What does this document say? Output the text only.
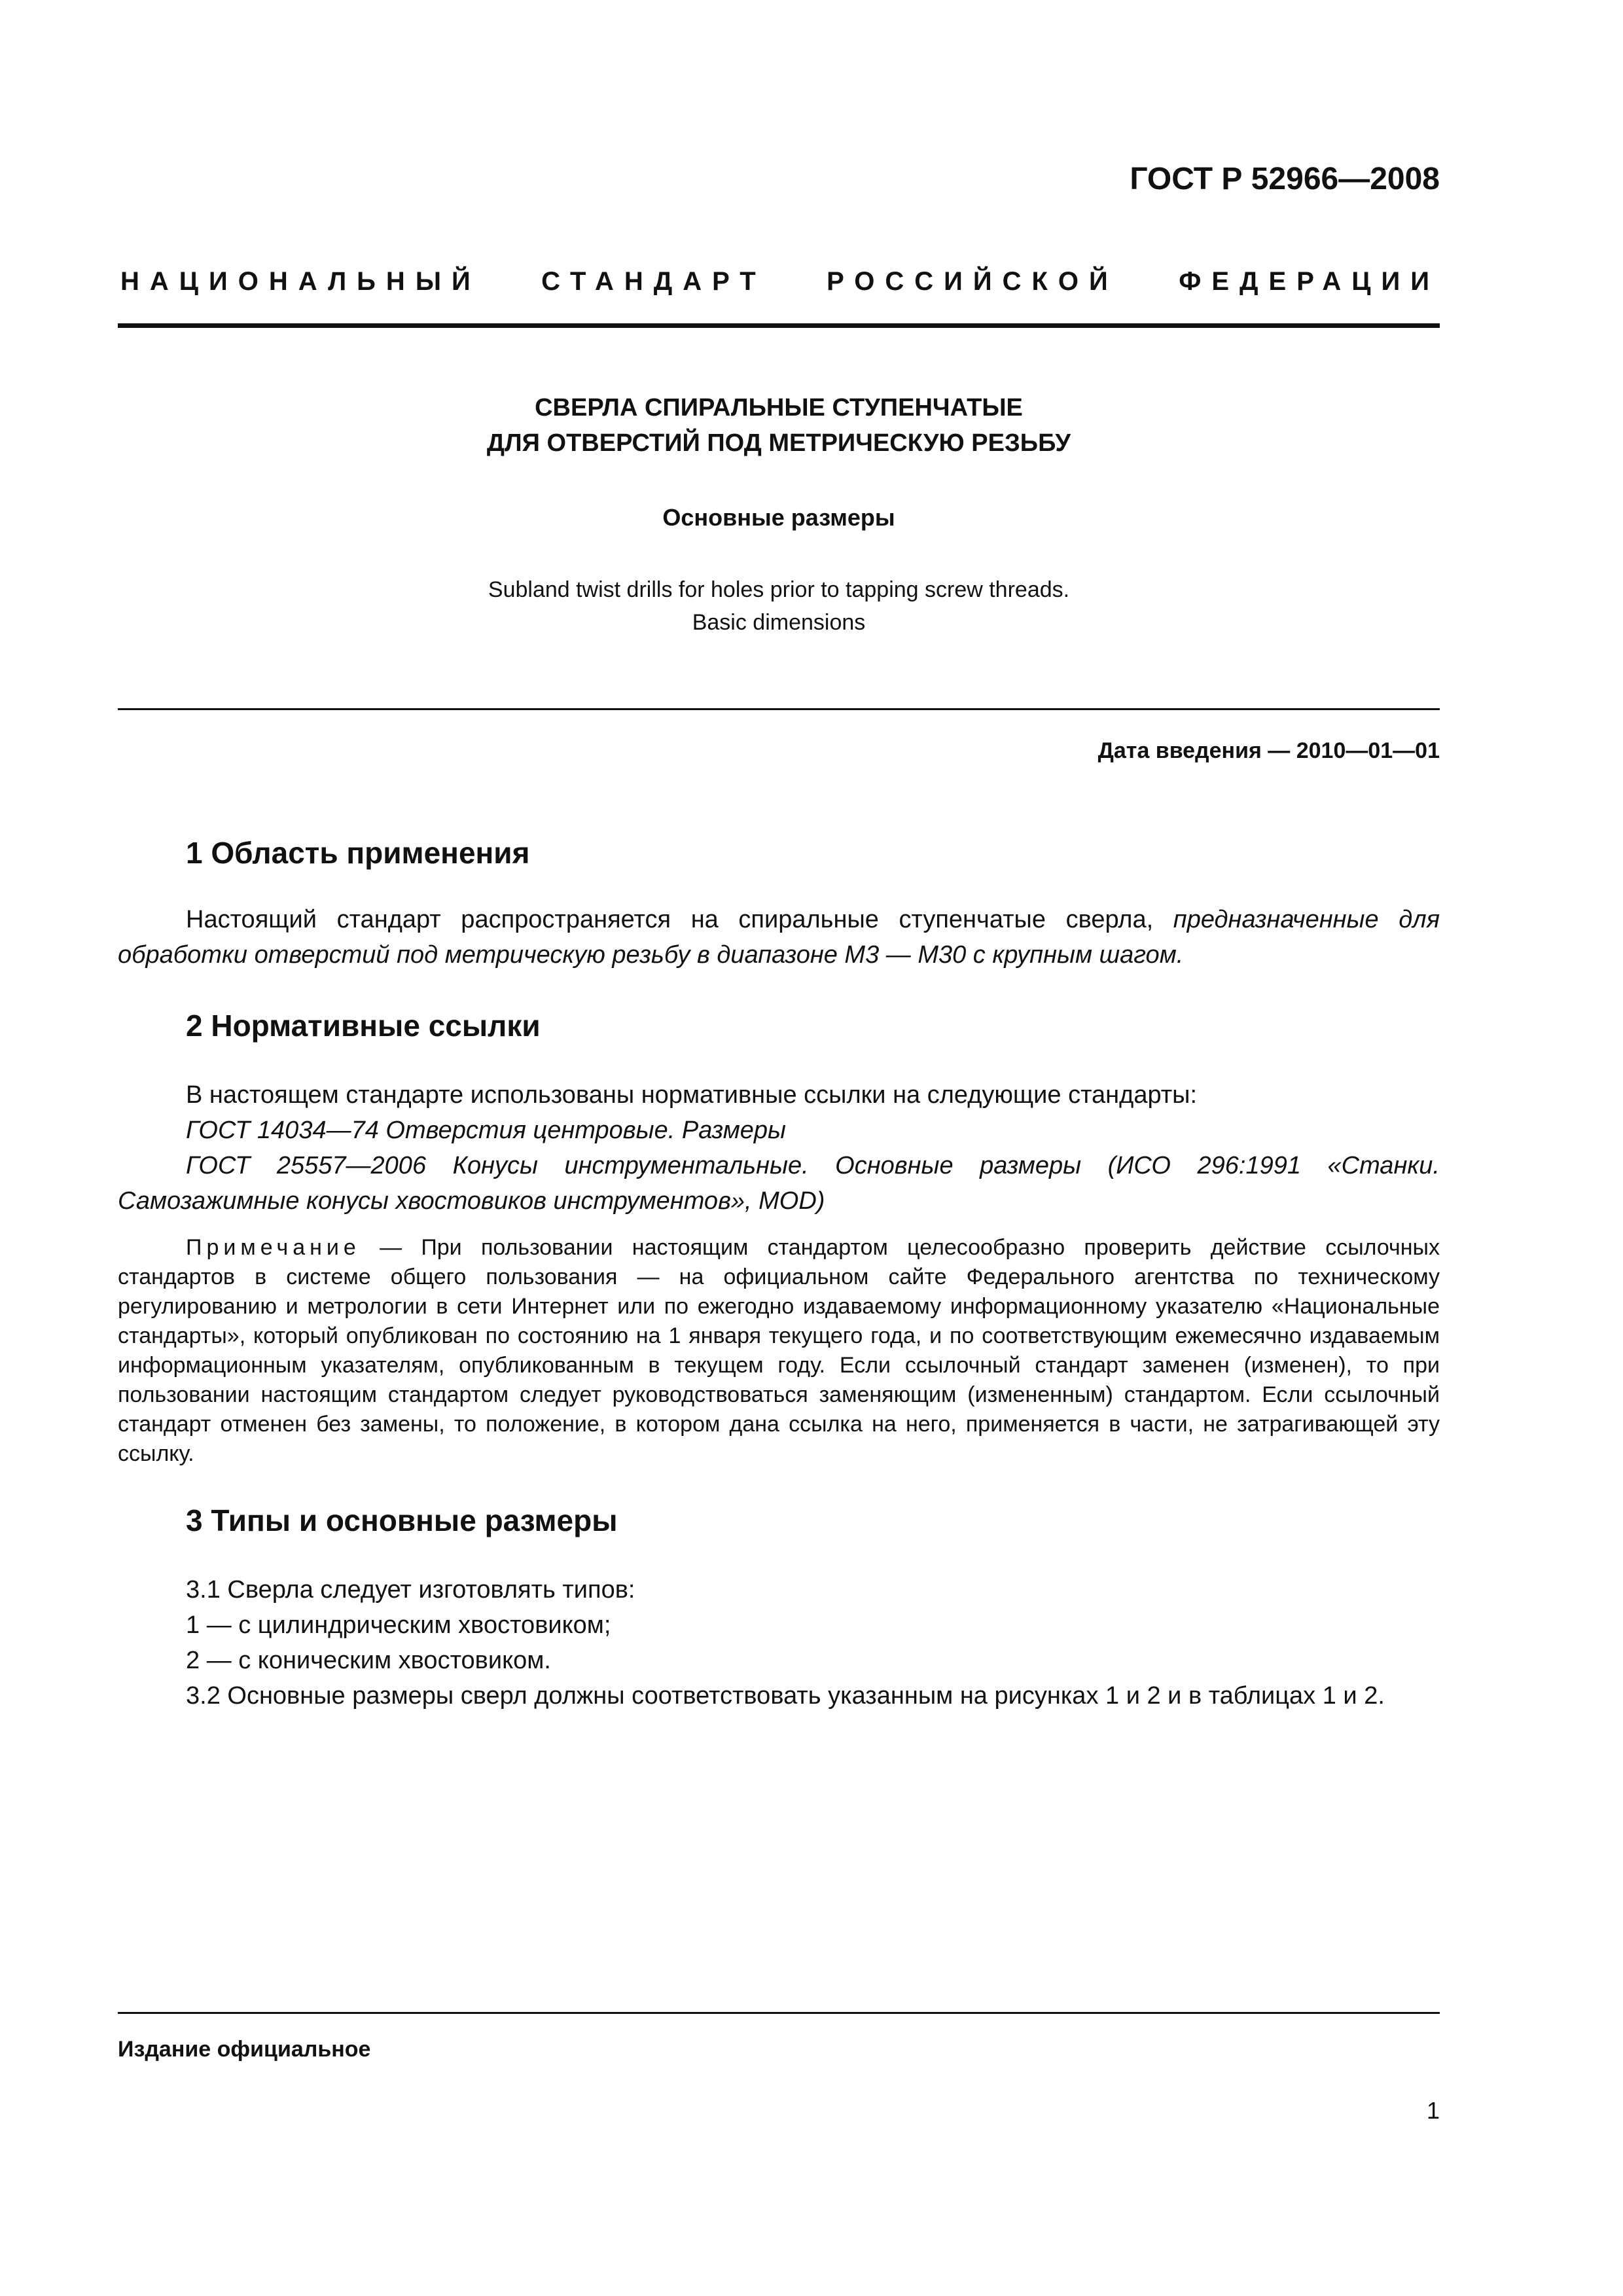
ГОСТ Р 52966—2008
НАЦИОНАЛЬНЫЙ СТАНДАРТ РОССИЙСКОЙ ФЕДЕРАЦИИ
СВЕРЛА СПИРАЛЬНЫЕ СТУПЕНЧАТЫЕ
ДЛЯ ОТВЕРСТИЙ ПОД МЕТРИЧЕСКУЮ РЕЗЬБУ
Основные размеры
Subland twist drills for holes prior to tapping screw threads.
Basic dimensions
Дата введения — 2010—01—01
1 Область применения

Настоящий стандарт распространяется на спиральные ступенчатые сверла, предназначенные для обработки отверстий под метрическую резьбу в диапазоне М3 — М30 с крупным шагом.

2 Нормативные ссылки

В настоящем стандарте использованы нормативные ссылки на следующие стандарты:

ГОСТ 14034—74 Отверстия центровые. Размеры

ГОСТ 25557—2006 Конусы инструментальные. Основные размеры (ИСО 296:1991 «Станки. Самозажимные конусы хвостовиков инструментов», MOD)

Примечание — При пользовании настоящим стандартом целесообразно проверить действие ссылочных стандартов в системе общего пользования — на официальном сайте Федерального агентства по техническому регулированию и метрологии в сети Интернет или по ежегодно издаваемому информационному указателю «Национальные стандарты», который опубликован по состоянию на 1 января текущего года, и по соответствующим ежемесячно издаваемым информационным указателям, опубликованным в текущем году. Если ссылочный стандарт заменен (изменен), то при пользовании настоящим стандартом следует руководствоваться заменяющим (измененным) стандартом. Если ссылочный стандарт отменен без замены, то положение, в котором дана ссылка на него, применяется в части, не затрагивающей эту ссылку.

3 Типы и основные размеры

3.1 Сверла следует изготовлять типов:

1 — с цилиндрическим хвостовиком;

2 — с коническим хвостовиком.

3.2 Основные размеры сверл должны соответствовать указанным на рисунках 1 и 2 и в таблицах 1 и 2.

Издание официальное
1
